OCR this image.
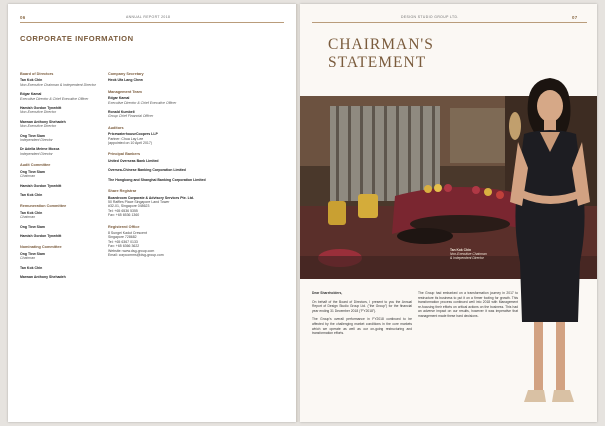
06	ANNUAL REPORT 2018
CORPORATE INFORMATION
Board of Directors
Tan Kok Chin
Non-Executive Chairman & Independent Director
Edgar Kamal
Executive Director & Chief Executive Officer
Hamish Gordon Tynwhitt
Non-Executive Director
Marwan Anthony Shehadeh
Non-Executive Director
Ong Tiew Siam
Independent Director
Dr Adella Meirne Moxca
Independent Director
Audit Committee
Ong Tiew Siam
Chairman
Hamish Gordon Tynwhitt
Tan Kok Chin
Remuneration Committee
Tan Kok Chin
Chairman
Ong Tiew Siam
Hamish Gordon Tynwhitt
Nominating Committee
Ong Tiew Siam
Chairman
Tan Kok Chin
Marwan Anthony Shehadeh
Company Secretary
Heok Ufa Lang Chew
Management Team
Edgar Kamal
Executive Director & Chief Executive Officer
Ronald Kumbeli
Group Chief Financial Officer
Auditors
PricewaterhouseCoopers LLP
Partner: Chua Lay Lee
(appointed on 10 April 2017)
Principal Bankers
United Overseas Bank Limited
Oversea-Chinese Banking Corporation Limited
The Hongkong and Shanghai Banking Corporation Limited
Share Registrar
Boardroom Corporate & Advisory Services Pte. Ltd.
50 Raffles Place Singapore Land Tower
#32-01, Singapore 048623
Tel: +65 6536 5355
Fax: +65 6536 1360
Registered Office
8 Sungei Kadut Crescent
Singapore 728682
Tel: +65 6367 0133
Fax: +65 6366 3622
Website: www.dsg-group.com
Email: corpcomms@dsg-group.com
DESIGN STUDIO GROUP LTD.	07
CHAIRMAN'S
STATEMENT
Tan Kok Chin
Non-Executive Chairman
& Independent Director

Dear Shareholders,

On behalf of the Board of Directors, I present to you the Annual Report of Design Studio Group Ltd. ("the Group") for the financial year ending 31 December 2018 ("FY2018").

The Group's overall performance in FY2018 continued to be affected by the challenging market conditions in the core markets which we operate as well as our on-going restructuring and transformation efforts.

The Group had embarked on a transformation journey in 2017 to restructure its business to put it on a firmer footing for growth. This transformation process continued well into 2018 with Management re-focusing their efforts on critical actions on the business. This had an adverse impact on our results, however it was imperative that management made these hard decisions.
